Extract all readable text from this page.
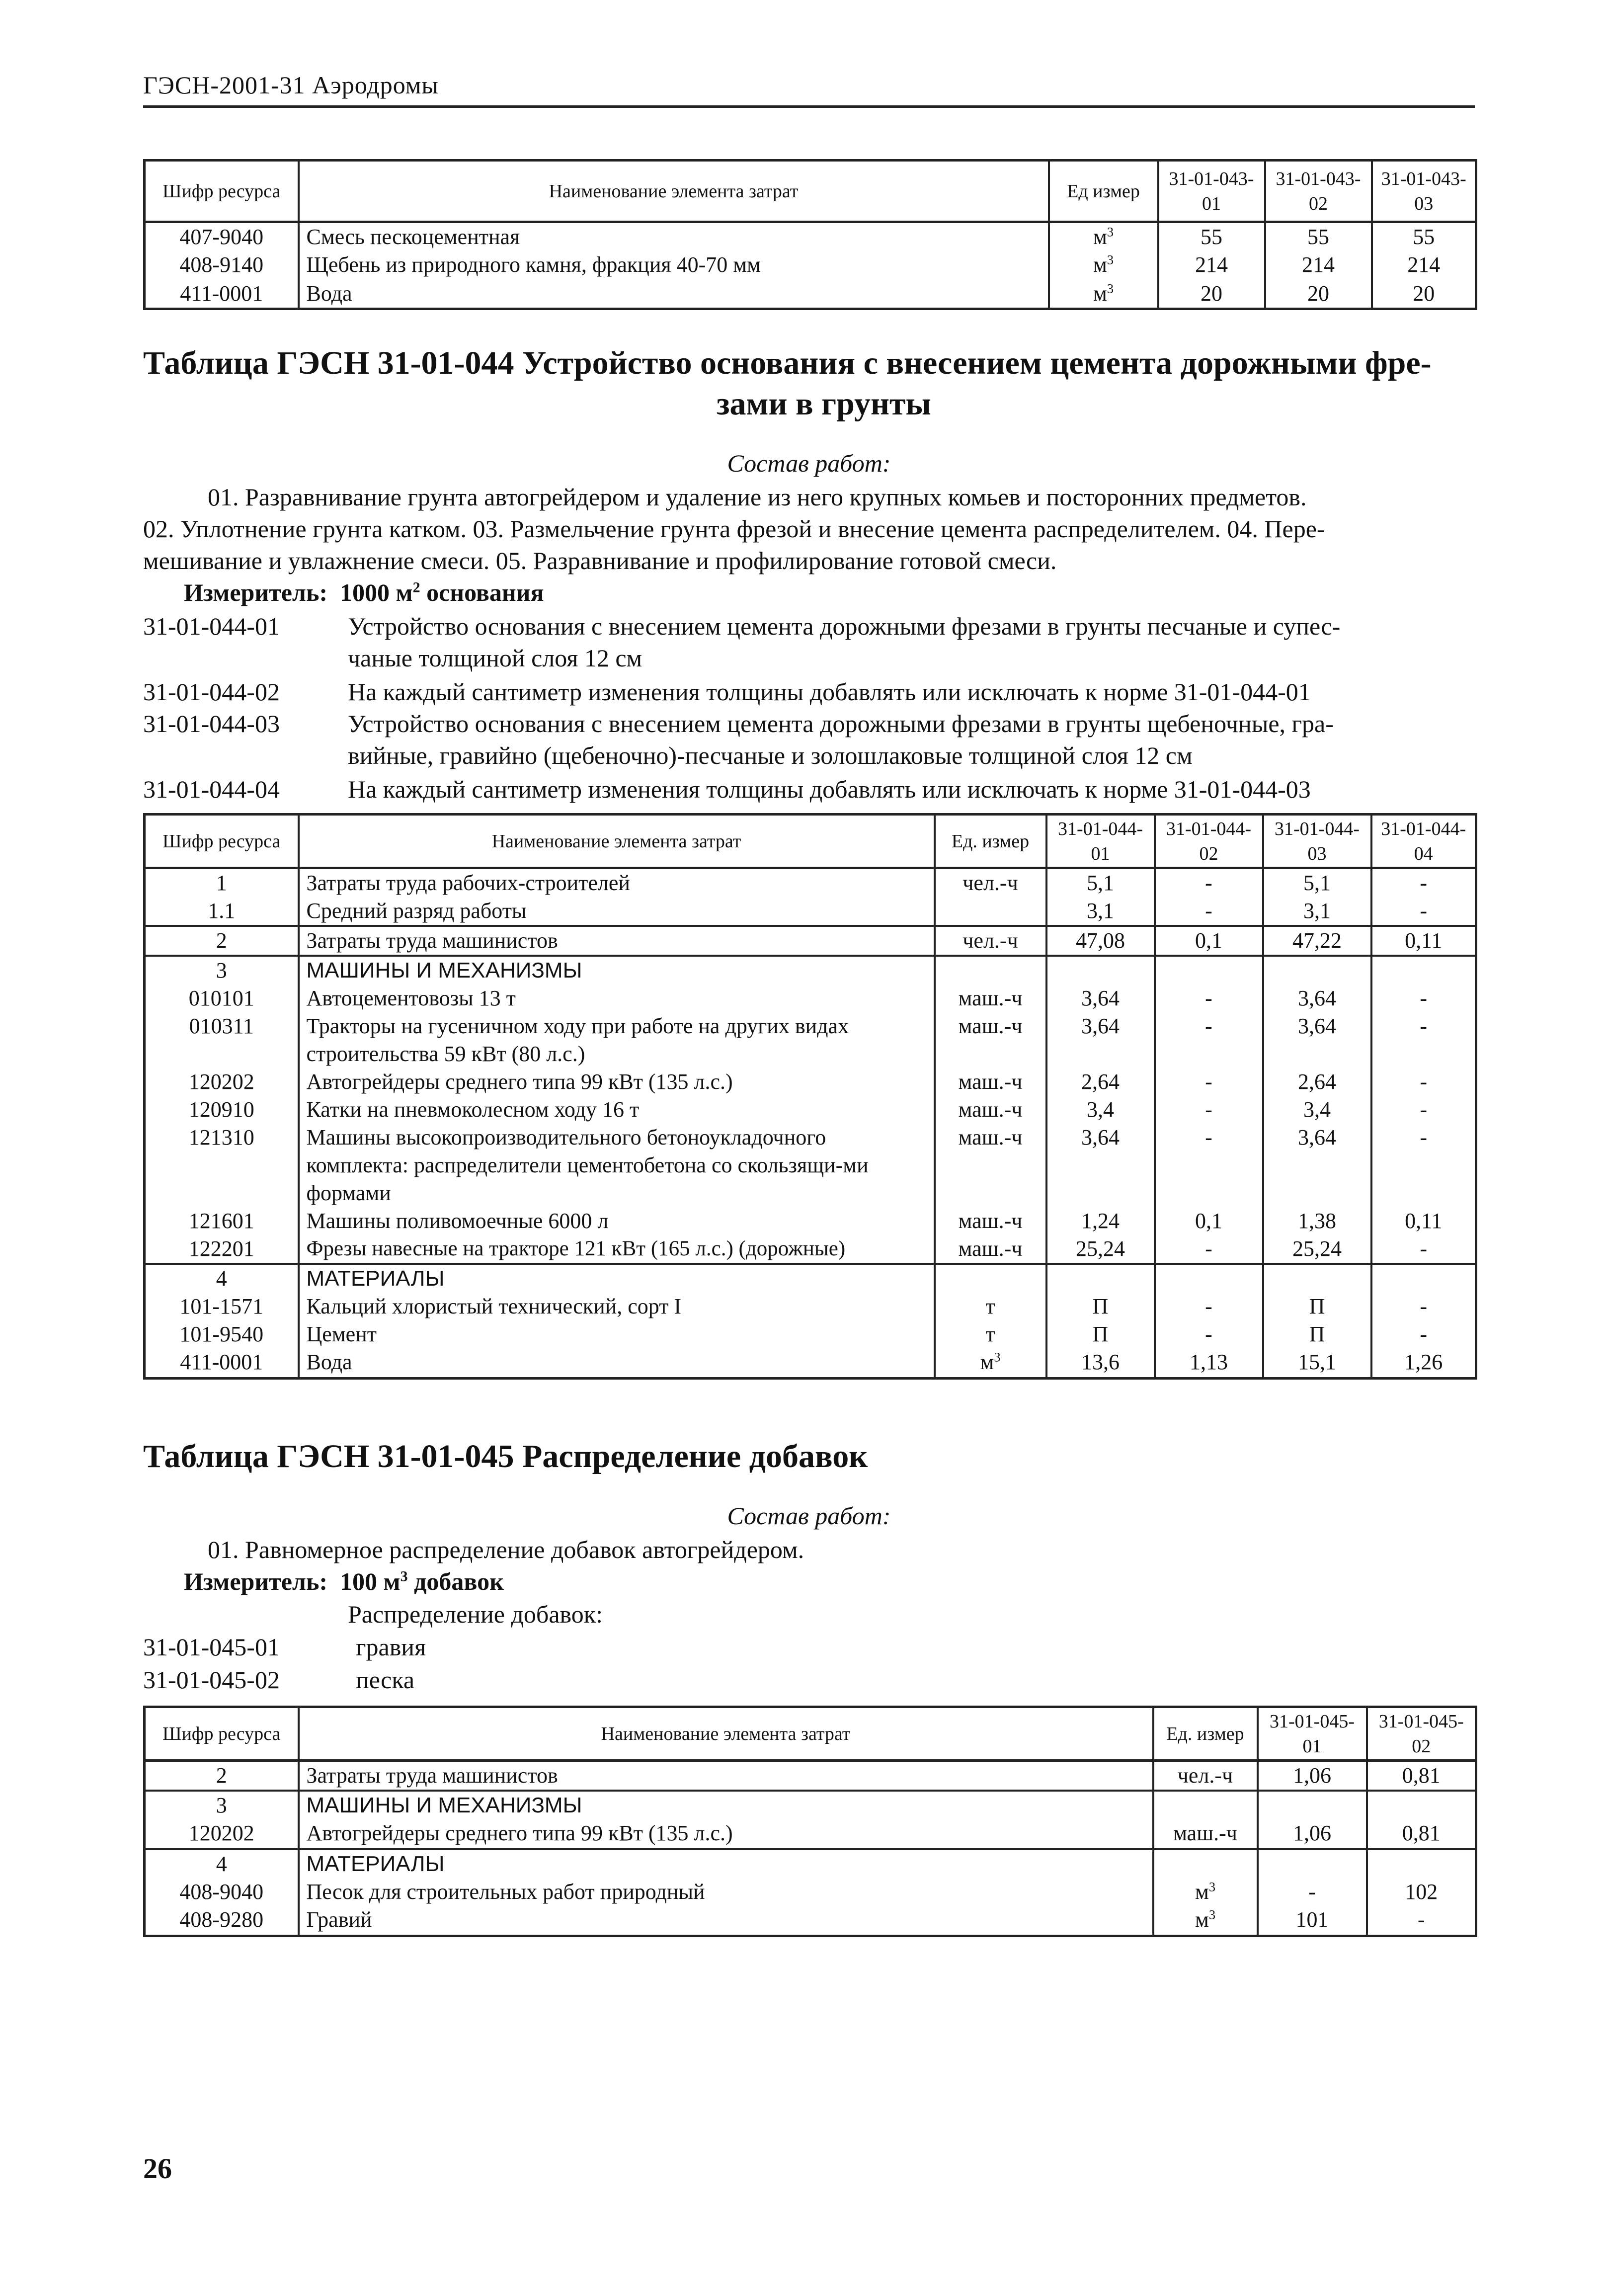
ГЭСН-2001-31 Аэродромы
Шифр ресурса	Наименование элемента затрат	Ед измер	31-01-043-01	31-01-043-02	31-01-043-03
407-9040	Смесь пескоцементная	$м^3$	55	55	55
408-9140	Щебень из природного камня, фракция 40-70 мм	$м^3$	214	214	214
411-0001	Вода	$м^3$	20	20	20
Таблица ГЭСН 31-01-044 Устройство основания с внесением цемента дорожными фре-
зами в грунты
Состав работ:
01. Разравнивание грунта автогрейдером и удаление из него крупных комьев и посторонних предметов.
02. Уплотнение грунта катком. 03. Размельчение грунта фрезой и внесение цемента распределителем. 04. Пере-
мешивание и увлажнение смеси. 05. Разравнивание и профилирование готовой смеси.
Измеритель: 1000 $м^2$ основания
31-01-044-01	Устройство основания с внесением цемента дорожными фрезами в грунты песчаные и супес-
чаные толщиной слоя 12 см
31-01-044-02	На каждый сантиметр изменения толщины добавлять или исключать к норме 31-01-044-01
31-01-044-03	Устройство основания с внесением цемента дорожными фрезами в грунты щебеночные, гра-
вийные, гравийно (щебеночно)-песчаные и золошлаковые толщиной слоя 12 см
31-01-044-04	На каждый сантиметр изменения толщины добавлять или исключать к норме 31-01-044-03
Шифр ресурса	Наименование элемента затрат	Ед. измер	31-01-044-01	31-01-044-02	31-01-044-03	31-01-044-04
1	Затраты труда рабочих-строителей	чел.-ч	5,1	-	5,1	-
1.1	Средний разряд работы		3,1	-	3,1	-
2	Затраты труда машинистов	чел.-ч	47,08	0,1	47,22	0,11
3	МАШИНЫ И МЕХАНИЗМЫ					
010101	Автоцементовозы 13 т	маш.-ч	3,64	-	3,64	-
010311	Тракторы на гусеничном ходу при работе на других видах строительства 59 кВт (80 л.с.)	маш.-ч	3,64	-	3,64	-
120202	Автогрейдеры среднего типа 99 кВт (135 л.с.)	маш.-ч	2,64	-	2,64	-
120910	Катки на пневмоколесном ходу 16 т	маш.-ч	3,4	-	3,4	-
121310	Машины высокопроизводительного бетоноукладочного комплекта: распределители цементобетона со скользящи-ми формами	маш.-ч	3,64	-	3,64	-
121601	Машины поливомоечные 6000 л	маш.-ч	1,24	0,1	1,38	0,11
122201	Фрезы навесные на тракторе 121 кВт (165 л.с.) (дорожные)	маш.-ч	25,24	-	25,24	-
4	МАТЕРИАЛЫ					
101-1571	Кальций хлористый технический, сорт I	т	П	-	П	-
101-9540	Цемент	т	П	-	П	-
411-0001	Вода	$м^3$	13,6	1,13	15,1	1,26
Таблица ГЭСН 31-01-045 Распределение добавок
Состав работ:
01. Равномерное распределение добавок автогрейдером.
Измеритель: 100 $м^3$ добавок
Распределение добавок:
31-01-045-01	гравия
31-01-045-02	песка
Шифр ресурса	Наименование элемента затрат	Ед. измер	31-01-045-01	31-01-045-02
2	Затраты труда машинистов	чел.-ч	1,06	0,81
3	МАШИНЫ И МЕХАНИЗМЫ			
120202	Автогрейдеры среднего типа 99 кВт (135 л.с.)	маш.-ч	1,06	0,81
4	МАТЕРИАЛЫ			
408-9040	Песок для строительных работ природный	$м^3$	-	102
408-9280	Гравий	$м^3$	101	-
26
